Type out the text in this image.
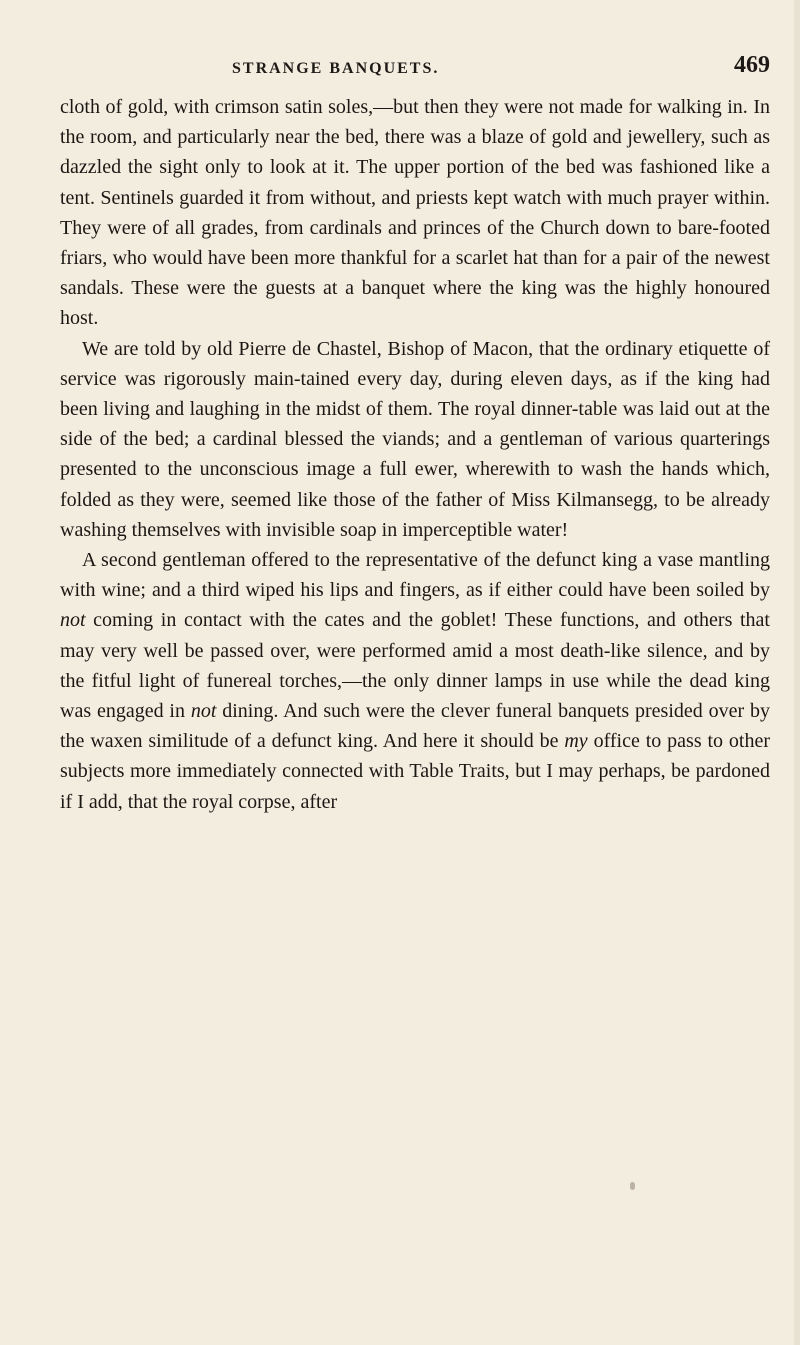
STRANGE BANQUETS.	469

cloth of gold, with crimson satin soles,—but then they were not made for walking in. In the room, and particularly near the bed, there was a blaze of gold and jewellery, such as dazzled the sight only to look at it. The upper portion of the bed was fashioned like a tent. Sentinels guarded it from without, and priests kept watch with much prayer within. They were of all grades, from cardinals and princes of the Church down to bare-footed friars, who would have been more thankful for a scarlet hat than for a pair of the newest sandals. These were the guests at a banquet where the king was the highly honoured host.

We are told by old Pierre de Chastel, Bishop of Macon, that the ordinary etiquette of service was rigorously main-tained every day, during eleven days, as if the king had been living and laughing in the midst of them. The royal dinner-table was laid out at the side of the bed; a cardinal blessed the viands; and a gentleman of various quarterings presented to the unconscious image a full ewer, wherewith to wash the hands which, folded as they were, seemed like those of the father of Miss Kilmansegg, to be already washing themselves with invisible soap in imperceptible water!

A second gentleman offered to the representative of the defunct king a vase mantling with wine; and a third wiped his lips and fingers, as if either could have been soiled by not coming in contact with the cates and the goblet! These functions, and others that may very well be passed over, were performed amid a most death-like silence, and by the fitful light of funereal torches,—the only dinner lamps in use while the dead king was engaged in not dining. And such were the clever funeral banquets presided over by the waxen similitude of a defunct king. And here it should be my office to pass to other subjects more immediately connected with Table Traits, but I may perhaps, be pardoned if I add, that the royal corpse, after
